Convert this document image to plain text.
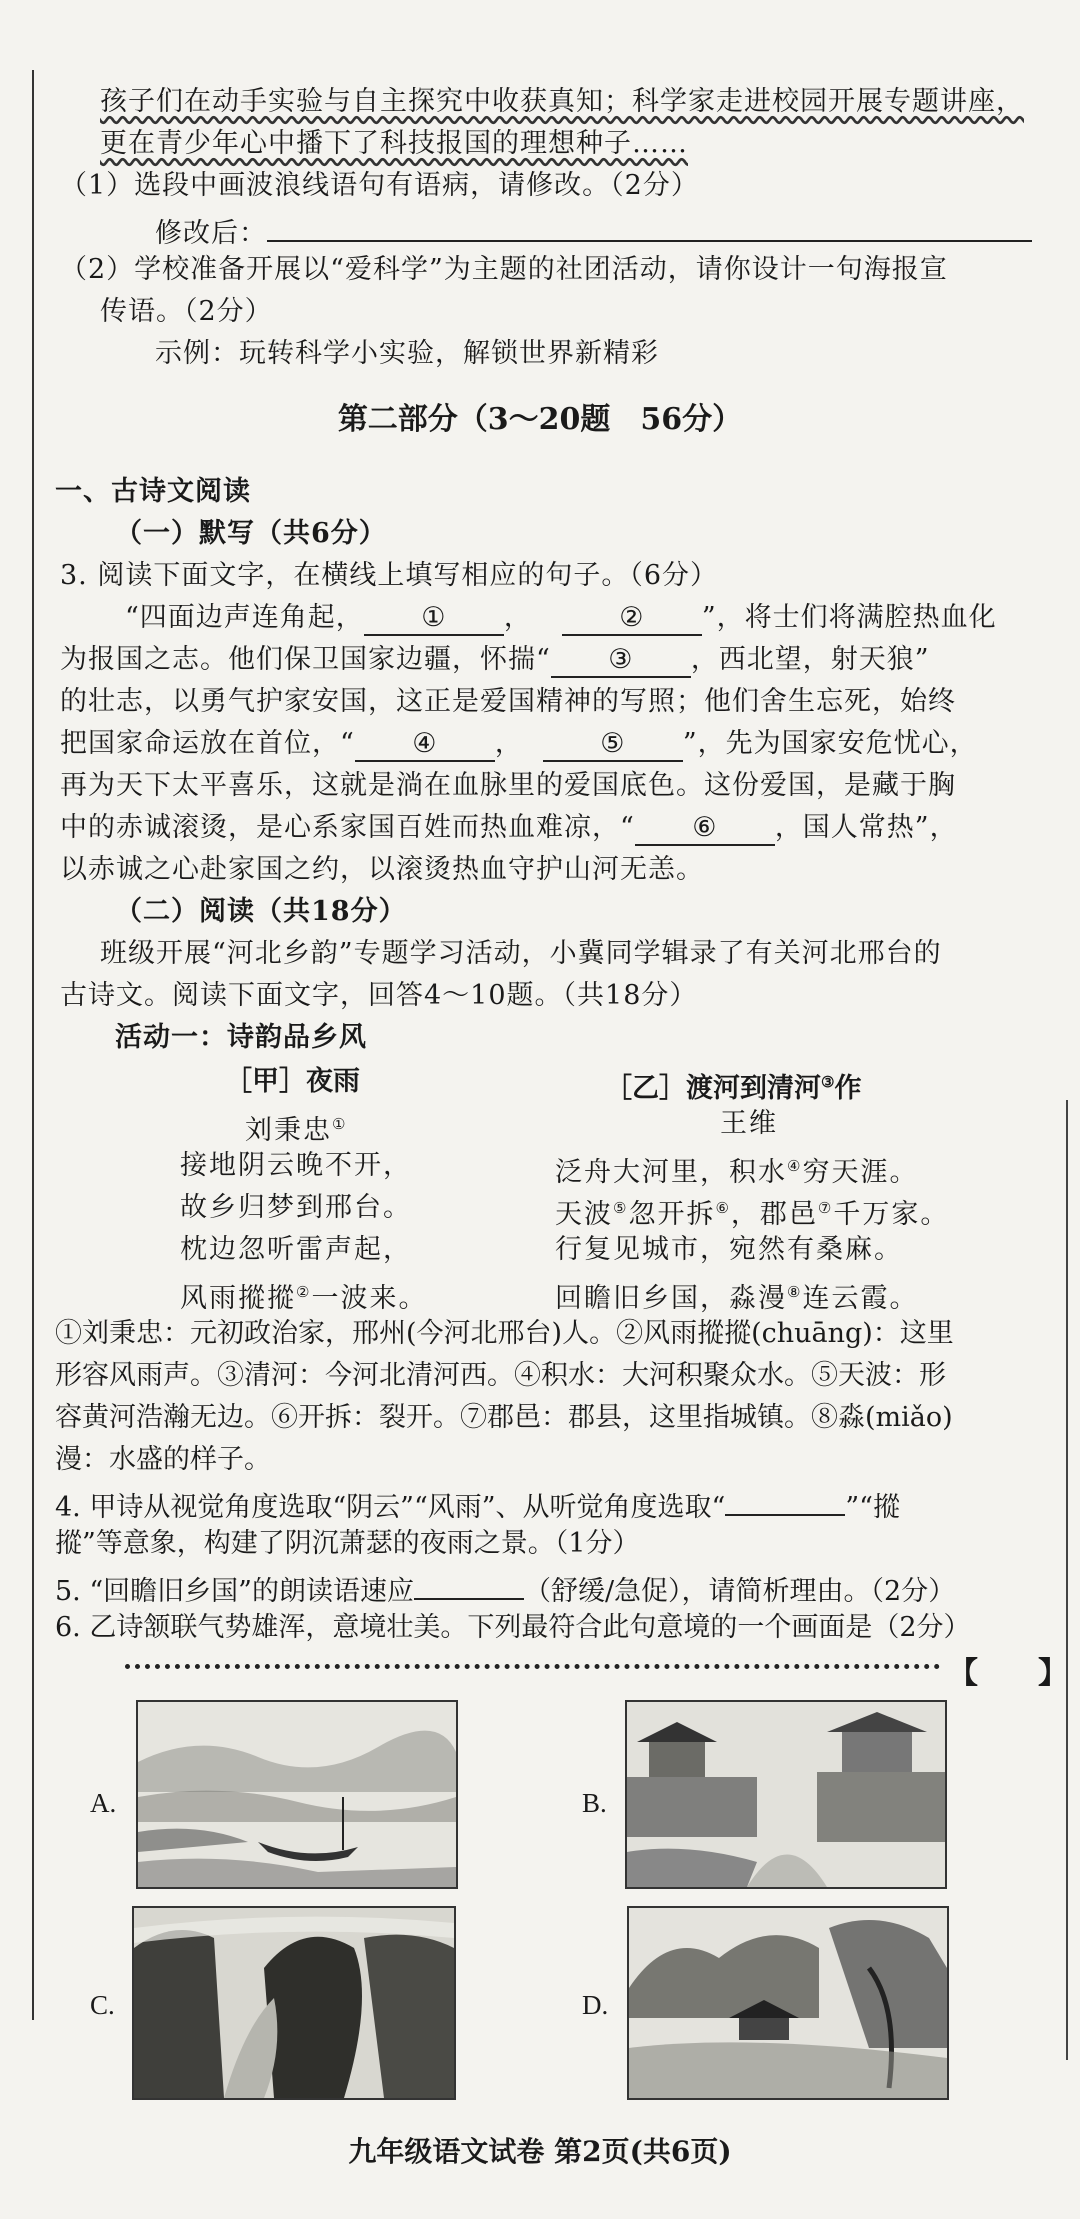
孩子们在动手实验与自主探究中收获真知；科学家走进校园开展专题讲座，
更在青少年心中播下了科技报国的理想种子……
（1）选段中画波浪线语句有语病，请修改。（2分）
修改后：
（2）学校准备开展以“爱科学”为主题的社团活动，请你设计一句海报宣
传语。（2分）
示例：玩转科学小实验，解锁世界新精彩
第二部分（3～20题　56分）
一、古诗文阅读
（一）默写（共6分）
3. 阅读下面文字，在横线上填写相应的句子。（6分）
“四面边声连角起， ① ，	② ”，将士们将满腔热血化
为报国之志。他们保卫国家边疆，怀揣“ ③ ，西北望，射天狼”
的壮志，以勇气护家安国，这正是爱国精神的写照；他们舍生忘死，始终
把国家命运放在首位，“ ④ ，	⑤ ”，先为国家安危忧心，
再为天下太平喜乐，这就是淌在血脉里的爱国底色。这份爱国，是藏于胸
中的赤诚滚烫，是心系家国百姓而热血难凉，“ ⑥ ，国人常热”，
以赤诚之心赴家国之约，以滚烫热血守护山河无恙。
（二）阅读（共18分）
班级开展“河北乡韵”专题学习活动，小冀同学辑录了有关河北邢台的
古诗文。阅读下面文字，回答4～10题。（共18分）
活动一：诗韵品乡风
［甲］夜雨
刘秉忠①
接地阴云晚不开，
故乡归梦到邢台。
枕边忽听雷声起，
风雨摐摐②一波来。
［乙］渡河到清河③作
王维
泛舟大河里，积水④穷天涯。
天波⑤忽开拆⑥，郡邑⑦千万家。
行复见城市，宛然有桑麻。
回瞻旧乡国，淼漫⑧连云霞。
①刘秉忠：元初政治家，邢州(今河北邢台)人。②风雨摐摐(chuāng)：这里
形容风雨声。③清河：今河北清河西。④积水：大河积聚众水。⑤天波：形
容黄河浩瀚无边。⑥开拆：裂开。⑦郡邑：郡县，这里指城镇。⑧淼(miǎo)
漫：水盛的样子。
4. 甲诗从视觉角度选取“阴云”“风雨”、从听觉角度选取“	”“摐
摐”等意象，构建了阴沉萧瑟的夜雨之景。（1分）
5. “回瞻旧乡国”的朗读语速应	（舒缓/急促），请简析理由。（2分）
6. 乙诗颔联气势雄浑，意境壮美。下列最符合此句意境的一个画面是（2分）
【　　】
A.	B.
C.	D.
九年级语文试卷 第2页(共6页)
